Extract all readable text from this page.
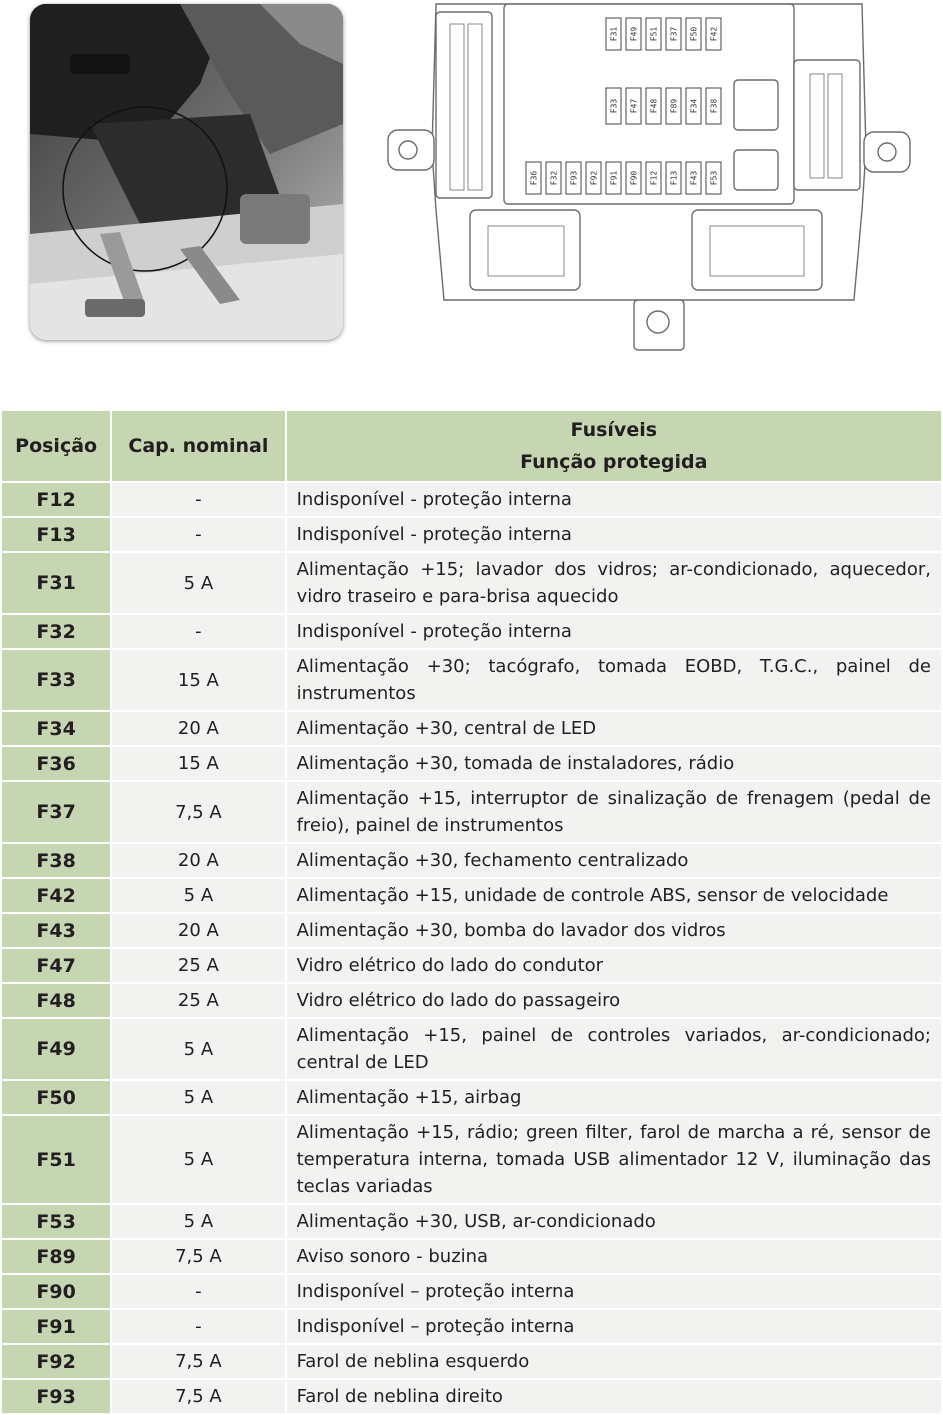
F31 F49 F51 F37 F50 F42
F33 F47 F48 F89 F34 F38
F36 F32 F93 F92 F91 F90 F12 F13 F43 F53
Posição	Cap. nominal	Fusíveis
Função protegida

F12	-	Indisponível - proteção interna
F13	-	Indisponível - proteção interna
F31	5 A	Alimentação +15; lavador dos vidros; ar-condicionado, aquecedor, vidro traseiro e para-brisa aquecido
F32	-	Indisponível - proteção interna
F33	15 A	Alimentação +30; tacógrafo, tomada EOBD, T.G.C., painel de instrumentos
F34	20 A	Alimentação +30, central de LED
F36	15 A	Alimentação +30, tomada de instaladores, rádio
F37	7,5 A	Alimentação +15, interruptor de sinalização de frenagem (pedal de freio), painel de instrumentos
F38	20 A	Alimentação +30, fechamento centralizado
F42	5 A	Alimentação +15, unidade de controle ABS, sensor de velocidade
F43	20 A	Alimentação +30, bomba do lavador dos vidros
F47	25 A	Vidro elétrico do lado do condutor
F48	25 A	Vidro elétrico do lado do passageiro
F49	5 A	Alimentação +15, painel de controles variados, ar-condicionado; central de LED
F50	5 A	Alimentação +15, airbag
F51	5 A	Alimentação +15, rádio; green filter, farol de marcha a ré, sensor de temperatura interna, tomada USB alimentador 12 V, iluminação das teclas variadas
F53	5 A	Alimentação +30, USB, ar-condicionado
F89	7,5 A	Aviso sonoro - buzina
F90	-	Indisponível – proteção interna
F91	-	Indisponível – proteção interna
F92	7,5 A	Farol de neblina esquerdo
F93	7,5 A	Farol de neblina direito
